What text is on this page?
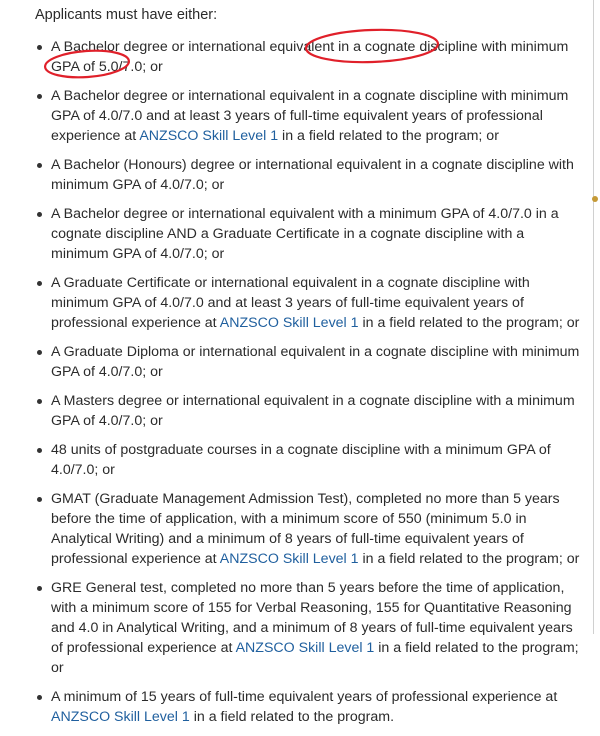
Applicants must have either:
A Bachelor degree or international equivalent in a cognate discipline with minimum GPA of 5.0/7.0; or
A Bachelor degree or international equivalent in a cognate discipline with minimum GPA of 4.0/7.0 and at least 3 years of full-time equivalent years of professional experience at ANZSCO Skill Level 1 in a field related to the program; or
A Bachelor (Honours) degree or international equivalent in a cognate discipline with minimum GPA of 4.0/7.0; or
A Bachelor degree or international equivalent with a minimum GPA of 4.0/7.0 in a cognate discipline AND a Graduate Certificate in a cognate discipline with a minimum GPA of 4.0/7.0; or
A Graduate Certificate or international equivalent in a cognate discipline with minimum GPA of 4.0/7.0 and at least 3 years of full-time equivalent years of professional experience at ANZSCO Skill Level 1 in a field related to the program; or
A Graduate Diploma or international equivalent in a cognate discipline with minimum GPA of 4.0/7.0; or
A Masters degree or international equivalent in a cognate discipline with a minimum GPA of 4.0/7.0; or
48 units of postgraduate courses in a cognate discipline with a minimum GPA of 4.0/7.0; or
GMAT (Graduate Management Admission Test), completed no more than 5 years before the time of application, with a minimum score of 550 (minimum 5.0 in Analytical Writing) and a minimum of 8 years of full-time equivalent years of professional experience at ANZSCO Skill Level 1 in a field related to the program; or
GRE General test, completed no more than 5 years before the time of application, with a minimum score of 155 for Verbal Reasoning, 155 for Quantitative Reasoning and 4.0 in Analytical Writing, and a minimum of 8 years of full-time equivalent years of professional experience at ANZSCO Skill Level 1 in a field related to the program; or
A minimum of 15 years of full-time equivalent years of professional experience at ANZSCO Skill Level 1 in a field related to the program.
